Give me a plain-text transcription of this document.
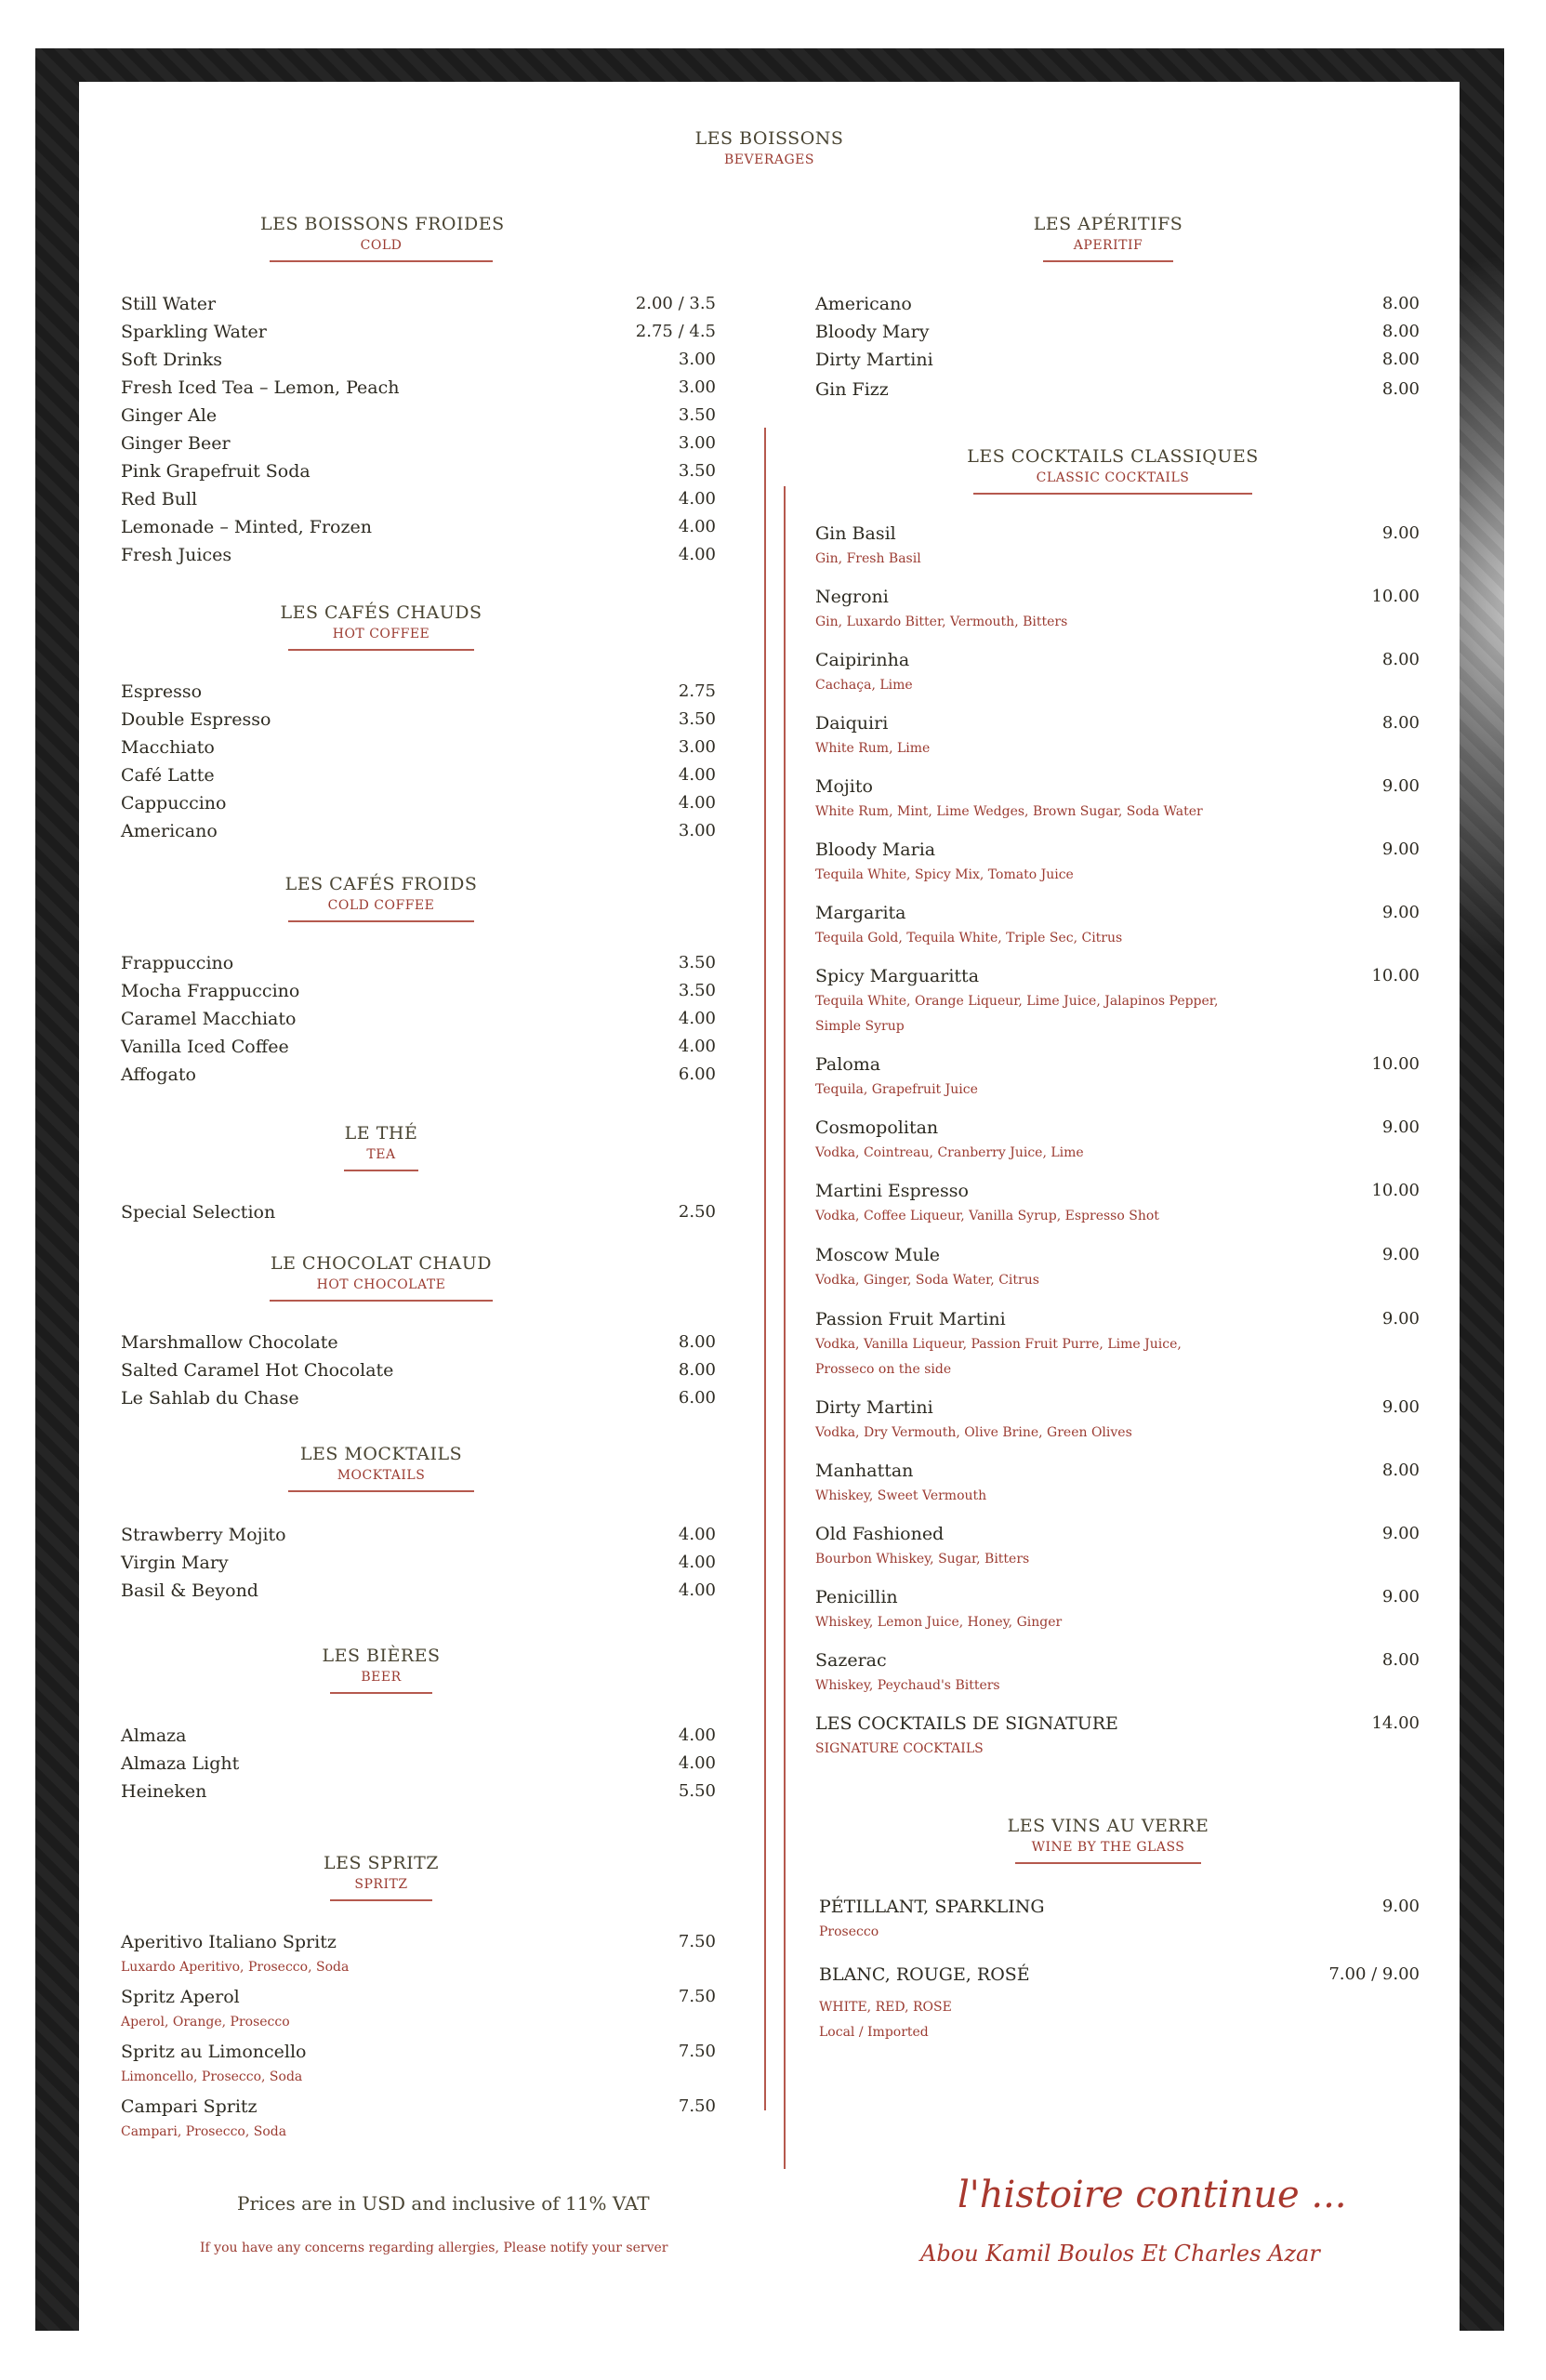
LES BOISSONS
BEVERAGES
LES BOISSONS FROIDES
COLD
Still Water	2.00 / 3.5
Sparkling Water	2.75 / 4.5
Soft Drinks	3.00
Fresh Iced Tea – Lemon, Peach	3.00
Ginger Ale	3.50
Ginger Beer	3.00
Pink Grapefruit Soda	3.50
Red Bull	4.00
Lemonade – Minted, Frozen	4.00
Fresh Juices	4.00
LES CAFÉS CHAUDS
HOT COFFEE
Espresso	2.75
Double Espresso	3.50
Macchiato	3.00
Café Latte	4.00
Cappuccino	4.00
Americano	3.00
LES CAFÉS FROIDS
COLD COFFEE
Frappuccino	3.50
Mocha Frappuccino	3.50
Caramel Macchiato	4.00
Vanilla Iced Coffee	4.00
Affogato	6.00
LE THÉ
TEA
Special Selection	2.50
LE CHOCOLAT CHAUD
HOT CHOCOLATE
Marshmallow Chocolate	8.00
Salted Caramel Hot Chocolate	8.00
Le Sahlab du Chase	6.00
LES MOCKTAILS
MOCKTAILS
Strawberry Mojito	4.00
Virgin Mary	4.00
Basil & Beyond	4.00
LES BIÈRES
BEER
Almaza	4.00
Almaza Light	4.00
Heineken	5.50
LES SPRITZ
SPRITZ
Aperitivo Italiano Spritz	7.50
Luxardo Aperitivo, Prosecco, Soda
Spritz Aperol	7.50
Aperol, Orange, Prosecco
Spritz au Limoncello	7.50
Limoncello, Prosecco, Soda
Campari Spritz	7.50
Campari, Prosecco, Soda
LES APÉRITIFS
APERITIF
Americano	8.00
Bloody Mary	8.00
Dirty Martini	8.00
Gin Fizz	8.00
LES COCKTAILS CLASSIQUES
CLASSIC COCKTAILS
Gin Basil	9.00
Gin, Fresh Basil
Negroni	10.00
Gin, Luxardo Bitter, Vermouth, Bitters
Caipirinha	8.00
Cachaça, Lime
Daiquiri	8.00
White Rum, Lime
Mojito	9.00
White Rum, Mint, Lime Wedges, Brown Sugar, Soda Water
Bloody Maria	9.00
Tequila White, Spicy Mix, Tomato Juice
Margarita	9.00
Tequila Gold, Tequila White, Triple Sec, Citrus
Spicy Marguaritta	10.00
Tequila White, Orange Liqueur, Lime Juice, Jalapinos Pepper,
Simple Syrup
Paloma	10.00
Tequila, Grapefruit Juice
Cosmopolitan	9.00
Vodka, Cointreau, Cranberry Juice, Lime
Martini Espresso	10.00
Vodka, Coffee Liqueur, Vanilla Syrup, Espresso Shot
Moscow Mule	9.00
Vodka, Ginger, Soda Water, Citrus
Passion Fruit Martini	9.00
Vodka, Vanilla Liqueur, Passion Fruit Purre, Lime Juice,
Prosseco on the side
Dirty Martini	9.00
Vodka, Dry Vermouth, Olive Brine, Green Olives
Manhattan	8.00
Whiskey, Sweet Vermouth
Old Fashioned	9.00
Bourbon Whiskey, Sugar, Bitters
Penicillin	9.00
Whiskey, Lemon Juice, Honey, Ginger
Sazerac	8.00
Whiskey, Peychaud's Bitters
LES COCKTAILS DE SIGNATURE	14.00
SIGNATURE COCKTAILS
LES VINS AU VERRE
WINE BY THE GLASS
PÉTILLANT, SPARKLING	9.00
Prosecco
BLANC, ROUGE, ROSÉ	7.00 / 9.00
WHITE, RED, ROSE
Local / Imported
Prices are in USD and inclusive of 11% VAT
If you have any concerns regarding allergies, Please notify your server
l'histoire continue ...
Abou Kamil Boulos Et Charles Azar
